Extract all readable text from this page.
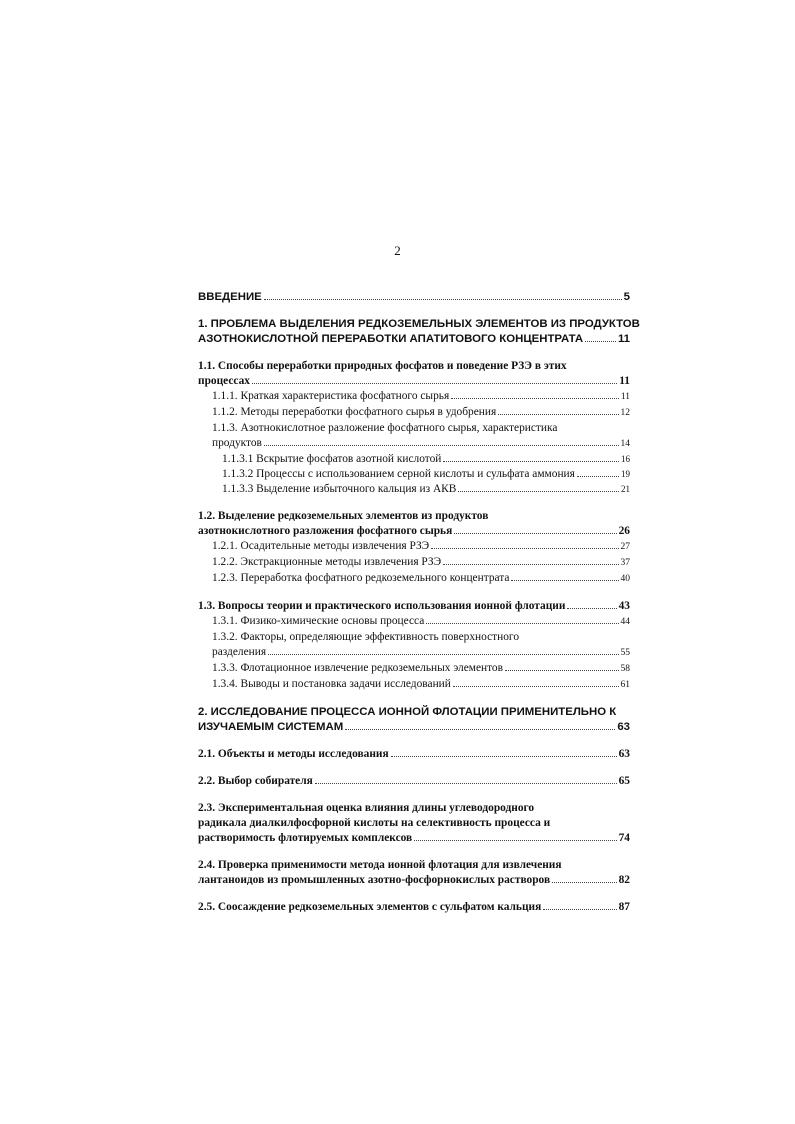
2
ВВЕДЕНИЕ	5
1. ПРОБЛЕМА ВЫДЕЛЕНИЯ РЕДКОЗЕМЕЛЬНЫХ ЭЛЕМЕНТОВ ИЗ ПРОДУКТОВ
АЗОТНОКИСЛОТНОЙ ПЕРЕРАБОТКИ АПАТИТОВОГО КОНЦЕНТРАТА	11
1.1. Способы переработки природных фосфатов и поведение РЗЭ в этих
процессах	11
1.1.1. Краткая характеристика фосфатного сырья	11
1.1.2. Методы переработки фосфатного сырья в удобрения	12
1.1.3. Азотнокислотное разложение фосфатного сырья, характеристика
продуктов	14
1.1.3.1 Вскрытие фосфатов азотной кислотой	16
1.1.3.2 Процессы с использованием серной кислоты и сульфата аммония	19
1.1.3.3 Выделение избыточного кальция из АКВ	21
1.2. Выделение редкоземельных элементов из продуктов
азотнокислотного разложения фосфатного сырья	26
1.2.1. Осадительные методы извлечения РЗЭ	27
1.2.2. Экстракционные методы извлечения РЗЭ	37
1.2.3. Переработка фосфатного редкоземельного концентрата	40
1.3. Вопросы теории и практического использования ионной флотации	43
1.3.1. Физико-химические основы процесса	44
1.3.2. Факторы, определяющие эффективность поверхностного
разделения	55
1.3.3. Флотационное извлечение редкоземельных элементов	58
1.3.4. Выводы и постановка задачи исследований	61
2. ИССЛЕДОВАНИЕ ПРОЦЕССА ИОННОЙ ФЛОТАЦИИ ПРИМЕНИТЕЛЬНО К
ИЗУЧАЕМЫМ СИСТЕМАМ	63
2.1. Объекты и методы исследования	63
2.2. Выбор собирателя	65
2.3. Экспериментальная оценка влияния длины углеводородного
радикала диалкилфосфорной кислоты на селективность процесса и
растворимость флотируемых комплексов	74
2.4. Проверка применимости метода ионной флотация для извлечения
лантаноидов из промышленных азотно-фосфорнокислых растворов	82
2.5. Соосаждение редкоземельных элементов с сульфатом кальция	87
